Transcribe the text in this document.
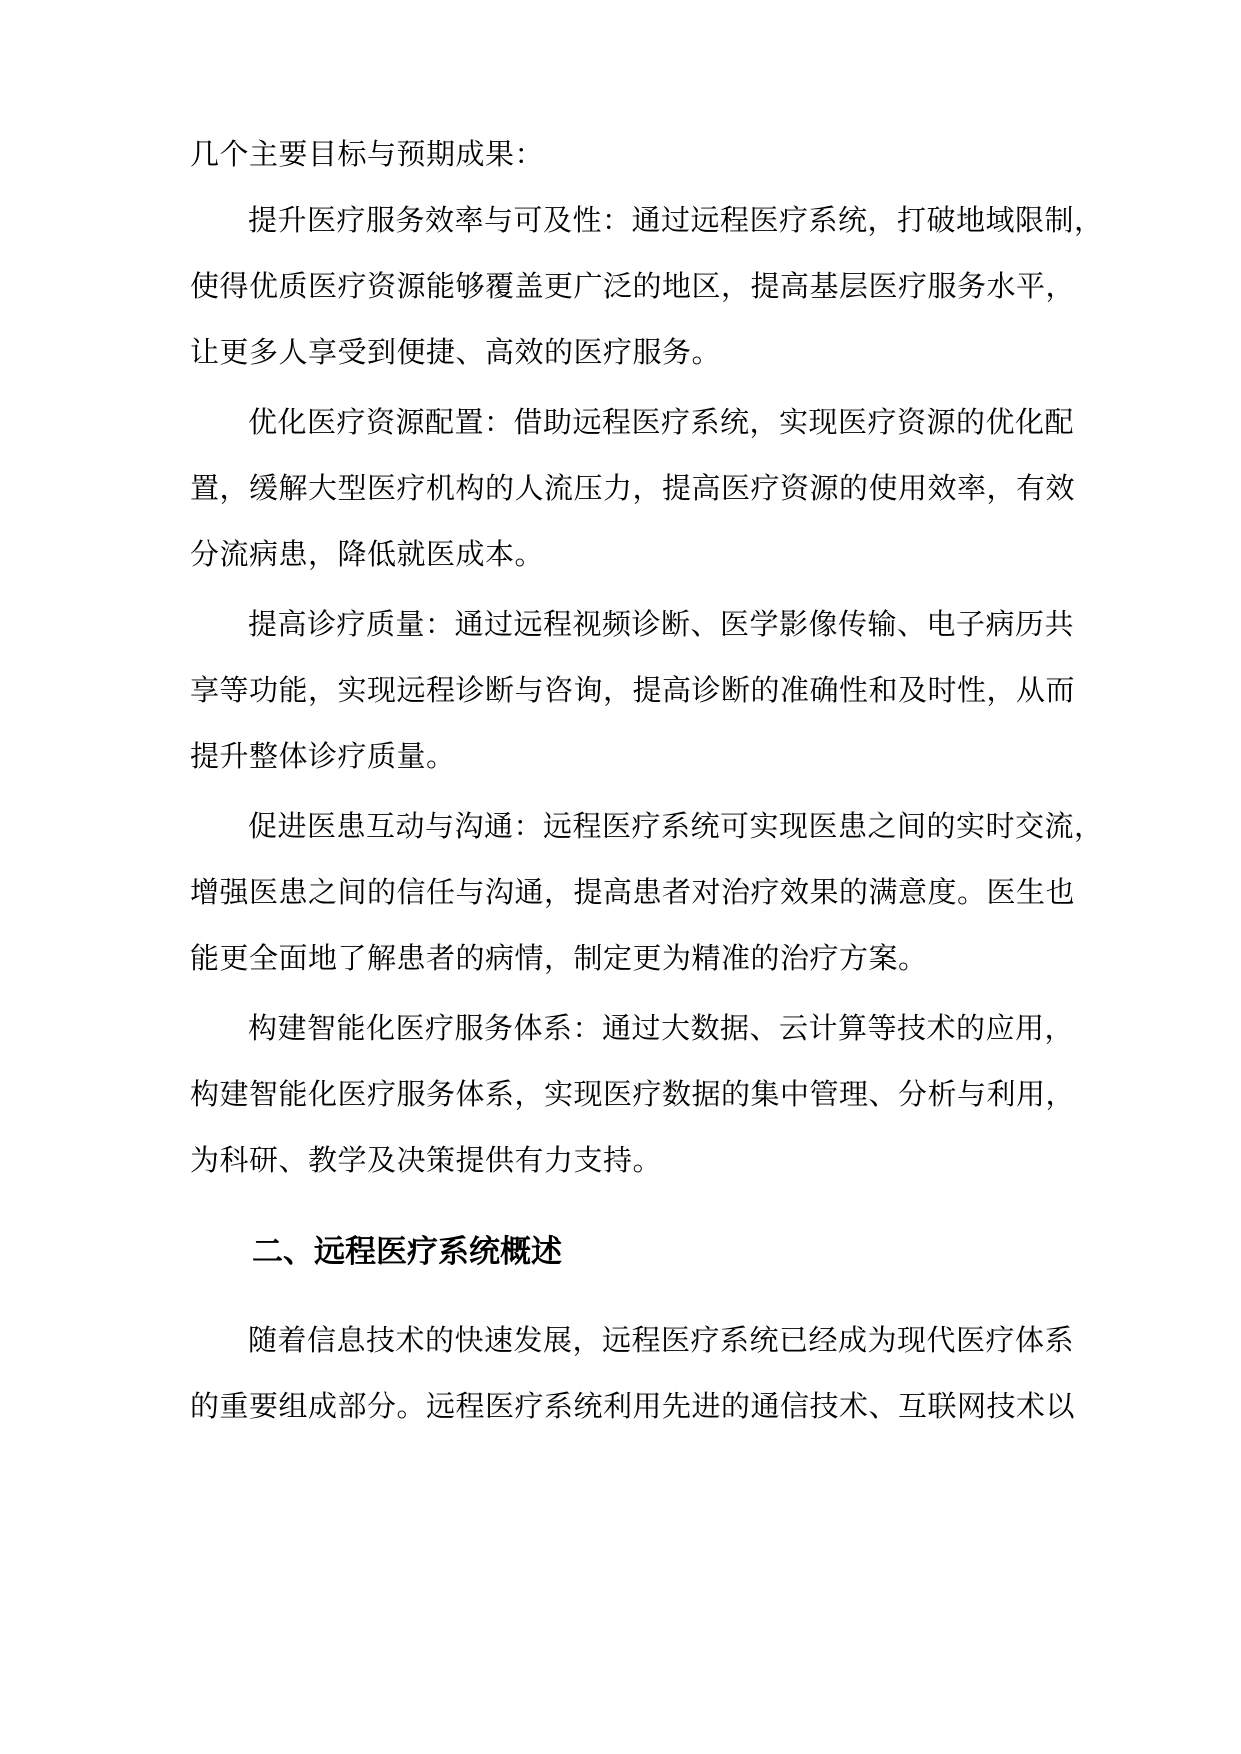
几个主要目标与预期成果：
提升医疗服务效率与可及性：通过远程医疗系统，打破地域限制，
使得优质医疗资源能够覆盖更广泛的地区，提高基层医疗服务水平，
让更多人享受到便捷、高效的医疗服务。
优化医疗资源配置：借助远程医疗系统，实现医疗资源的优化配
置，缓解大型医疗机构的人流压力，提高医疗资源的使用效率，有效
分流病患，降低就医成本。
提高诊疗质量：通过远程视频诊断、医学影像传输、电子病历共
享等功能，实现远程诊断与咨询，提高诊断的准确性和及时性，从而
提升整体诊疗质量。
促进医患互动与沟通：远程医疗系统可实现医患之间的实时交流，
增强医患之间的信任与沟通，提高患者对治疗效果的满意度。医生也
能更全面地了解患者的病情，制定更为精准的治疗方案。
构建智能化医疗服务体系：通过大数据、云计算等技术的应用，
构建智能化医疗服务体系，实现医疗数据的集中管理、分析与利用，
为科研、教学及决策提供有力支持。
二、远程医疗系统概述
随着信息技术的快速发展，远程医疗系统已经成为现代医疗体系
的重要组成部分。远程医疗系统利用先进的通信技术、互联网技术以
